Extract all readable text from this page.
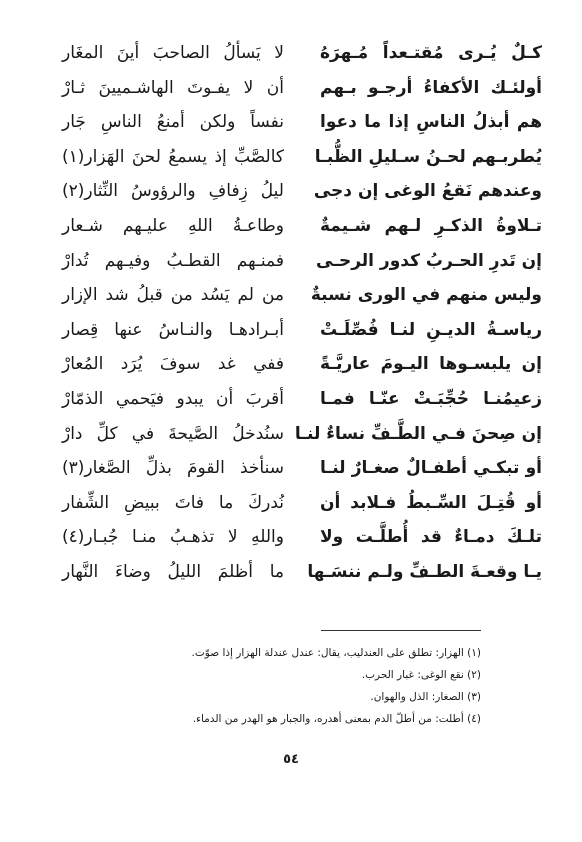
كـلٌ يُـرى مُقتـعداً مُـهرَهُ
لا يَسألُ الصاحبَ أينَ المغَار
أولئـك الأكفاءُ أرجـو بـهم
أن لا يفـوتَ الهاشـميينَ ثـارْ
هم أبذلُ الناسِ إذا ما دعوا
نفساً ولكن أمنعُ الناسِ جَار
يُطربـهم لحـنُ سـليلِ الظُّبـا
كالصَّبِّ إذ يسمعُ لحنَ الهَزار(١)
وعندهم نَقعُ الوغى إن دجى
ليلُ زِفافِ والرؤوسُ النِّثار(٢)
تـلاوةُ الذكـرِ لـهم شـيمةٌ
وطاعـةُ اللهِ عليـهم شـعار
إن تَدرِ الحـربُ كدور الرحـى
فمنـهم القطـبُ وفيـهم تُدارْ
وليس منهم في الورى نسبةٌ
من لم يَسُد من قبلُ شد الإزار
رياسـةُ الديـنِ لنـا فُصِّلَـتْ
أبـرادهـا والنـاسُ عنها قِصار
إن يلبسـوها اليـومَ عاريَّـةً
ففي غد سوفَ يُرَد المُعارْ
زعيمُنـا حُجِّبَـتْ عنّـا فمـا
أقربَ أن يبدو فيَحمي الذمّارْ
إن صِحنَ فـي الطَّـفِّ نساءٌ لنـا
سنُدخلُ الصَّيحةَ في كلِّ دارْ
أو تبكـي أطفـالٌ صغـارٌ لنـا
سنأخذ القومَ بذلِّ الصَّغار(٣)
أو قُتِـلَ السِّـبطُ فـلابد أن
نُدركَ ما فاتَ ببيضِ الشِّفار
تلـكَ دمـاءٌ قد أُطلَّـت ولا
واللهِ لا تذهـبُ منـا جُبـار(٤)
يـا وقعـةَ الطـفِّ ولـم ننسَـها
ما أظلمَ الليلُ وضاءَ النَّهار
(١) الهزار: تطلق على العندليب، يقال: عندل عندلة الهزار إذا صوّت.
(٢) نقع الوغى: غبار الحرب.
(٣) الصغار: الذل والهوان.
(٤) أطلت: من أطلّ الدم بمعنى أهدره، والجبار هو الهدر من الدماء.
٥٤
